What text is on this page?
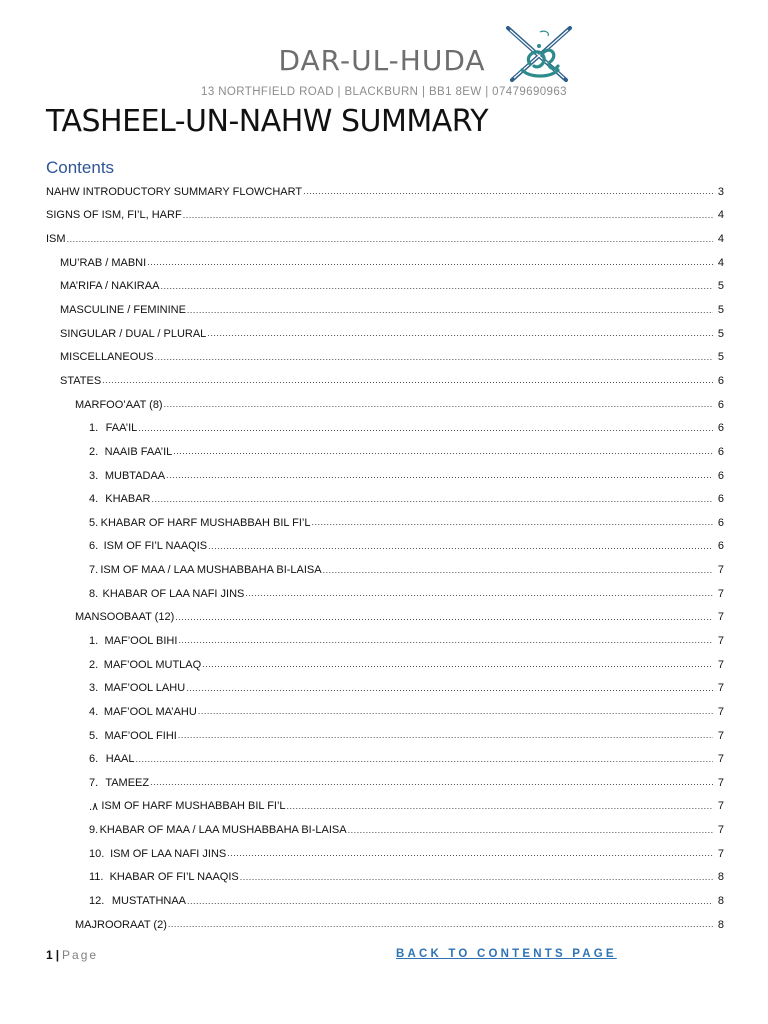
DAR-UL-HUDA
13 NORTHFIELD ROAD | BLACKBURN | BB1 8EW | 07479690963
TASHEEL-UN-NAHW SUMMARY
Contents
NAHW INTRODUCTORY SUMMARY FLOWCHART .....	3
SIGNS OF ISM, FI’L, HARF .....	4
ISM .....	4
MU’RAB / MABNI .....	4
MA’RIFA / NAKIRAA .....	5
MASCULINE / FEMININE .....	5
SINGULAR / DUAL / PLURAL .....	5
MISCELLANEOUS .....	5
STATES .....	6
MARFOO’AAT (8) .....	6
1. FAA’IL .....	6
2. NAAIB FAA’IL .....	6
3. MUBTADAA .....	6
4. KHABAR .....	6
5. KHABAR OF HARF MUSHABBAH BIL FI’L .....	6
6. ISM OF FI’L NAAQIS .....	6
7. ISM OF MAA / LAA MUSHABBAHA BI-LAISA .....	7
8. KHABAR OF LAA NAFI JINS .....	7
MANSOOBAAT (12) .....	7
1. MAF’OOL BIHI .....	7
2. MAF’OOL MUTLAQ .....	7
3. MAF’OOL LAHU .....	7
4. MAF’OOL MA’AHU .....	7
5. MAF’OOL FIHI .....	7
6. HAAL .....	7
7. TAMEEZ .....	7
.٨ ISM OF HARF MUSHABBAH BIL FI’L .....	7
9. KHABAR OF MAA / LAA MUSHABBAHA BI-LAISA .....	7
10. ISM OF LAA NAFI JINS .....	7
11. KHABAR OF FI’L NAAQIS .....	8
12. MUSTATHNAA .....	8
MAJROORAAT (2) .....	8
1 | Page	BACK TO CONTENTS PAGE
